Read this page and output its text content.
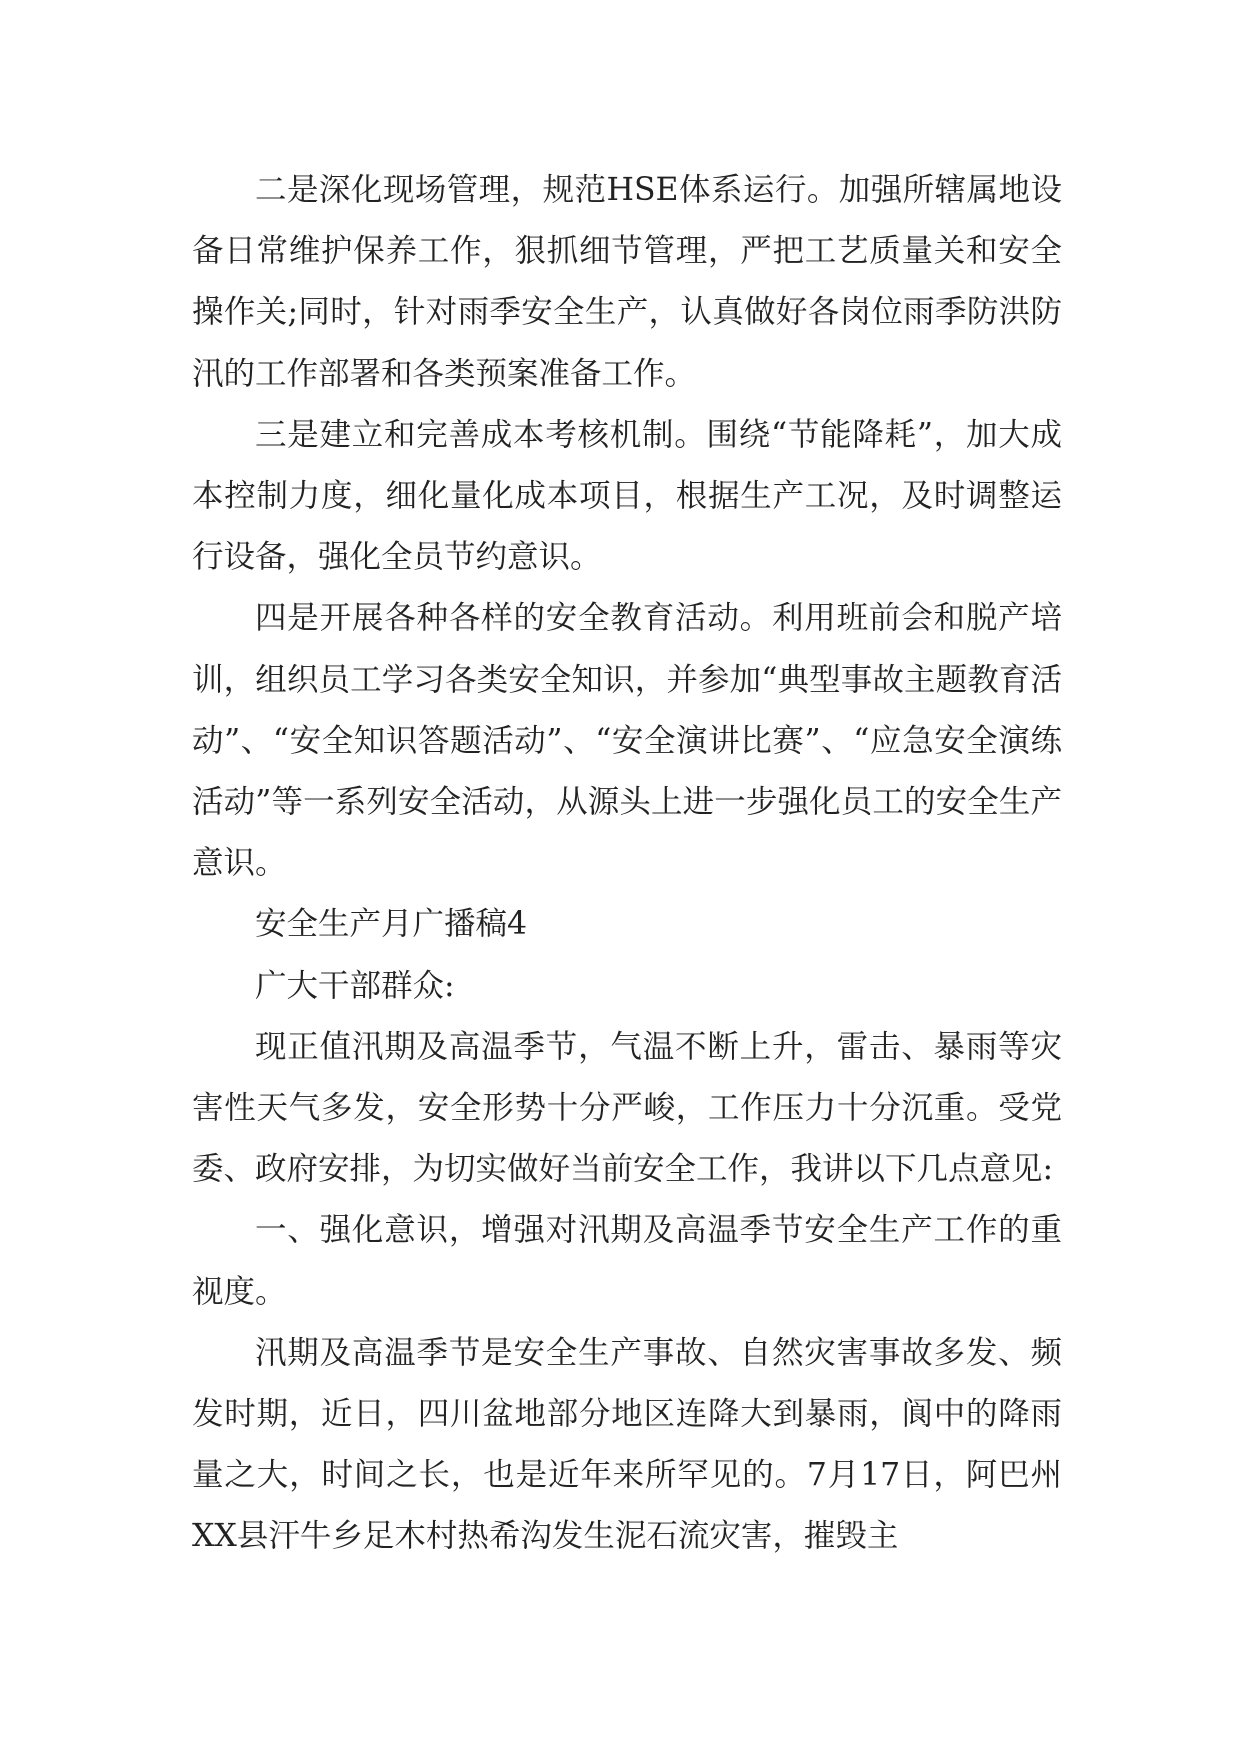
二是深化现场管理，规范HSE体系运行。加强所辖属地设备日常维护保养工作，狠抓细节管理，严把工艺质量关和安全操作关;同时，针对雨季安全生产，认真做好各岗位雨季防洪防汛的工作部署和各类预案准备工作。

三是建立和完善成本考核机制。围绕“节能降耗”，加大成本控制力度，细化量化成本项目，根据生产工况，及时调整运行设备，强化全员节约意识。

四是开展各种各样的安全教育活动。利用班前会和脱产培训，组织员工学习各类安全知识，并参加“典型事故主题教育活动”、“安全知识答题活动”、“安全演讲比赛”、“应急安全演练活动”等一系列安全活动，从源头上进一步强化员工的安全生产意识。

安全生产月广播稿4

广大干部群众:

现正值汛期及高温季节，气温不断上升，雷击、暴雨等灾害性天气多发，安全形势十分严峻，工作压力十分沉重。受党委、政府安排，为切实做好当前安全工作，我讲以下几点意见:

一、强化意识，增强对汛期及高温季节安全生产工作的重视度。

汛期及高温季节是安全生产事故、自然灾害事故多发、频发时期，近日，四川盆地部分地区连降大到暴雨，阆中的降雨量之大，时间之长，也是近年来所罕见的。7月17日，阿巴州XX县汗牛乡足木村热希沟发生泥石流灾害，摧毁主
